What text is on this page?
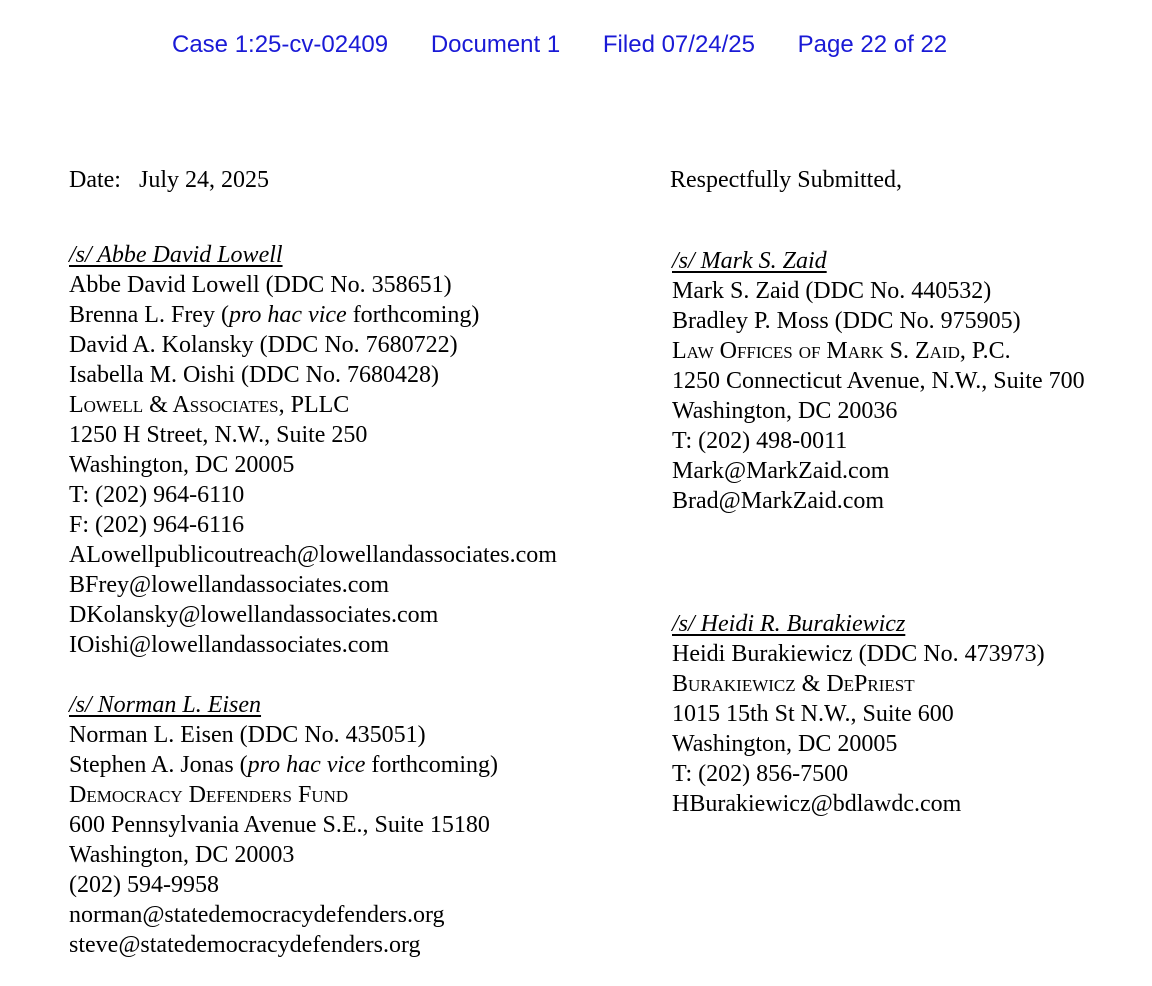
Case 1:25-cv-02409 Document 1 Filed 07/24/25 Page 22 of 22
Date: July 24, 2025	Respectfully Submitted,
/s/ Abbe David Lowell
Abbe David Lowell (DDC No. 358651)
Brenna L. Frey (pro hac vice forthcoming)
David A. Kolansky (DDC No. 7680722)
Isabella M. Oishi (DDC No. 7680428)
Lowell & Associates, PLLC
1250 H Street, N.W., Suite 250
Washington, DC 20005
T: (202) 964-6110
F: (202) 964-6116
ALowellpublicoutreach@lowellandassociates.com
BFrey@lowellandassociates.com
DKolansky@lowellandassociates.com
IOishi@lowellandassociates.com
/s/ Norman L. Eisen
Norman L. Eisen (DDC No. 435051)
Stephen A. Jonas (pro hac vice forthcoming)
Democracy Defenders Fund
600 Pennsylvania Avenue S.E., Suite 15180
Washington, DC 20003
(202) 594-9958
norman@statedemocracydefenders.org
steve@statedemocracydefenders.org
/s/ Mark S. Zaid
Mark S. Zaid (DDC No. 440532)
Bradley P. Moss (DDC No. 975905)
Law Offices of Mark S. Zaid, P.C.
1250 Connecticut Avenue, N.W., Suite 700
Washington, DC 20036
T: (202) 498-0011
Mark@MarkZaid.com
Brad@MarkZaid.com
/s/ Heidi R. Burakiewicz
Heidi Burakiewicz (DDC No. 473973)
Burakiewicz & DePriest
1015 15th St N.W., Suite 600
Washington, DC 20005
T: (202) 856-7500
HBurakiewicz@bdlawdc.com
